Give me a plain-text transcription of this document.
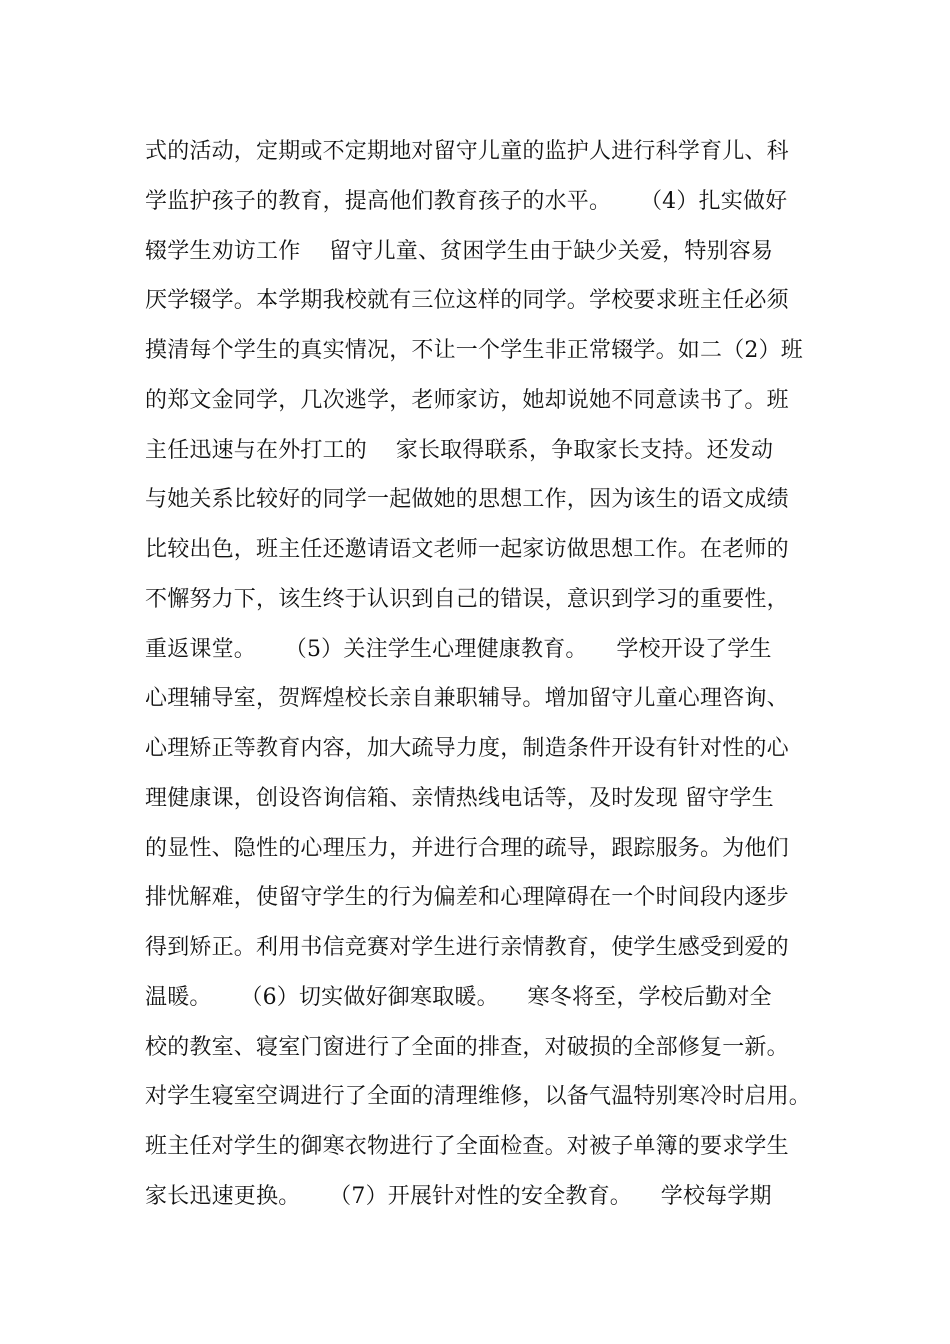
式的活动，定期或不定期地对留守儿童的监护人进行科学育儿、科
学监护孩子的教育，提高他们教育孩子的水平。    （4）扎实做好
辍学生劝访工作    留守儿童、贫困学生由于缺少关爱，特别容易
厌学辍学。本学期我校就有三位这样的同学。学校要求班主任必须
摸清每个学生的真实情况，不让一个学生非正常辍学。如二（2）班
的郑文金同学，几次逃学，老师家访，她却说她不同意读书了。班
主任迅速与在外打工的    家长取得联系，争取家长支持。还发动
与她关系比较好的同学一起做她的思想工作，因为该生的语文成绩
比较出色，班主任还邀请语文老师一起家访做思想工作。在老师的
不懈努力下，该生终于认识到自己的错误，意识到学习的重要性，
重返课堂。    （5）关注学生心理健康教育。    学校开设了学生
心理辅导室，贺辉煌校长亲自兼职辅导。增加留守儿童心理咨询、
心理矫正等教育内容，加大疏导力度，制造条件开设有针对性的心
理健康课，创设咨询信箱、亲情热线电话等，及时发现 留守学生
的显性、隐性的心理压力，并进行合理的疏导，跟踪服务。为他们
排忧解难，使留守学生的行为偏差和心理障碍在一个时间段内逐步
得到矫正。利用书信竞赛对学生进行亲情教育，使学生感受到爱的
温暖。    （6）切实做好御寒取暖。    寒冬将至，学校后勤对全
校的教室、寝室门窗进行了全面的排查，对破损的全部修复一新。
对学生寝室空调进行了全面的清理维修，以备气温特别寒冷时启用。
班主任对学生的御寒衣物进行了全面检查。对被子单簿的要求学生
家长迅速更换。    （7）开展针对性的安全教育。    学校每学期
